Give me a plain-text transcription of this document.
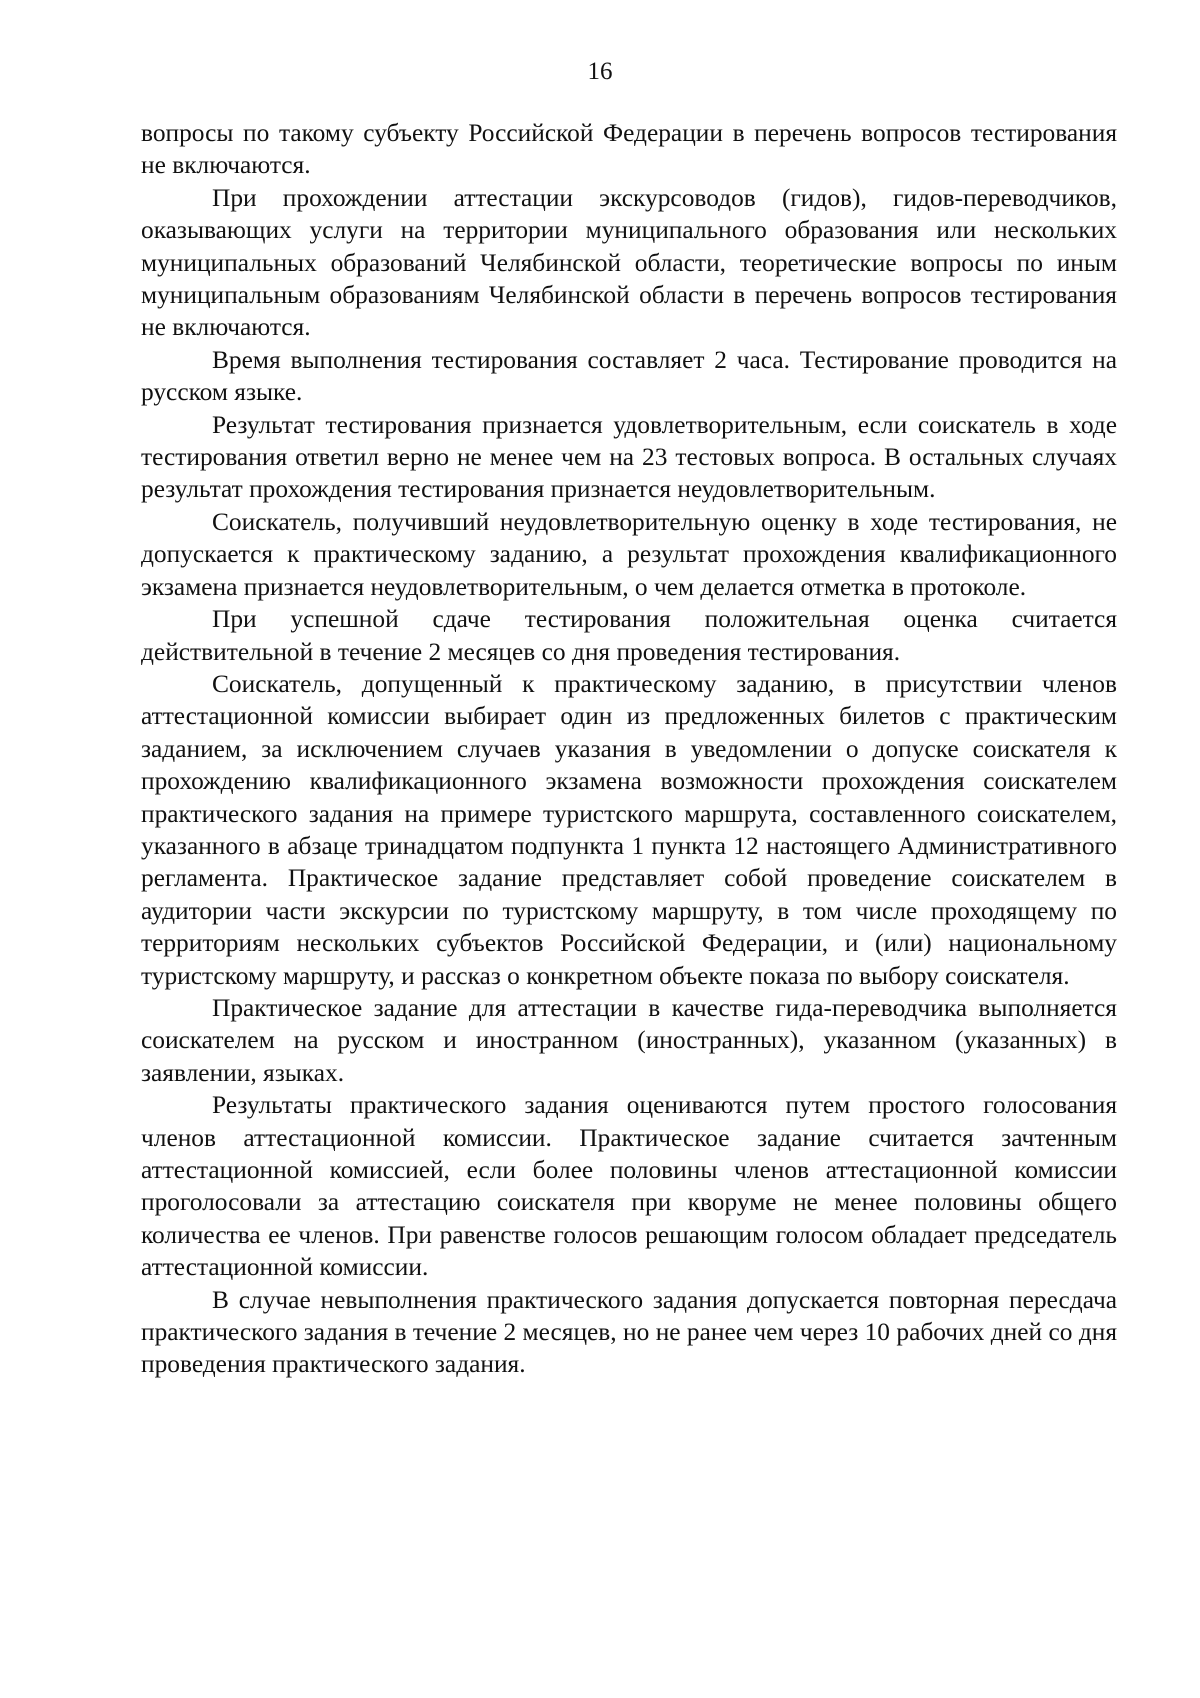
16

вопросы по такому субъекту Российской Федерации в перечень вопросов тестирования не включаются.

При прохождении аттестации экскурсоводов (гидов), гидов-переводчиков, оказывающих услуги на территории муниципального образования или нескольких муниципальных образований Челябинской области, теоретические вопросы по иным муниципальным образованиям Челябинской области в перечень вопросов тестирования не включаются.

Время выполнения тестирования составляет 2 часа. Тестирование проводится на русском языке.

Результат тестирования признается удовлетворительным, если соискатель в ходе тестирования ответил верно не менее чем на 23 тестовых вопроса. В остальных случаях результат прохождения тестирования признается неудовлетворительным.

Соискатель, получивший неудовлетворительную оценку в ходе тестирования, не допускается к практическому заданию, а результат прохождения квалификационного экзамена признается неудовлетворительным, о чем делается отметка в протоколе.

При успешной сдаче тестирования положительная оценка считается действительной в течение 2 месяцев со дня проведения тестирования.

Соискатель, допущенный к практическому заданию, в присутствии членов аттестационной комиссии выбирает один из предложенных билетов с практическим заданием, за исключением случаев указания в уведомлении о допуске соискателя к прохождению квалификационного экзамена возможности прохождения соискателем практического задания на примере туристского маршрута, составленного соискателем, указанного в абзаце тринадцатом подпункта 1 пункта 12 настоящего Административного регламента. Практическое задание представляет собой проведение соискателем в аудитории части экскурсии по туристскому маршруту, в том числе проходящему по территориям нескольких субъектов Российской Федерации, и (или) национальному туристскому маршруту, и рассказ о конкретном объекте показа по выбору соискателя.

Практическое задание для аттестации в качестве гида-переводчика выполняется соискателем на русском и иностранном (иностранных), указанном (указанных) в заявлении, языках.

Результаты практического задания оцениваются путем простого голосования членов аттестационной комиссии. Практическое задание считается зачтенным аттестационной комиссией, если более половины членов аттестационной комиссии проголосовали за аттестацию соискателя при кворуме не менее половины общего количества ее членов. При равенстве голосов решающим голосом обладает председатель аттестационной комиссии.

В случае невыполнения практического задания допускается повторная пересдача практического задания в течение 2 месяцев, но не ранее чем через 10 рабочих дней со дня проведения практического задания.
